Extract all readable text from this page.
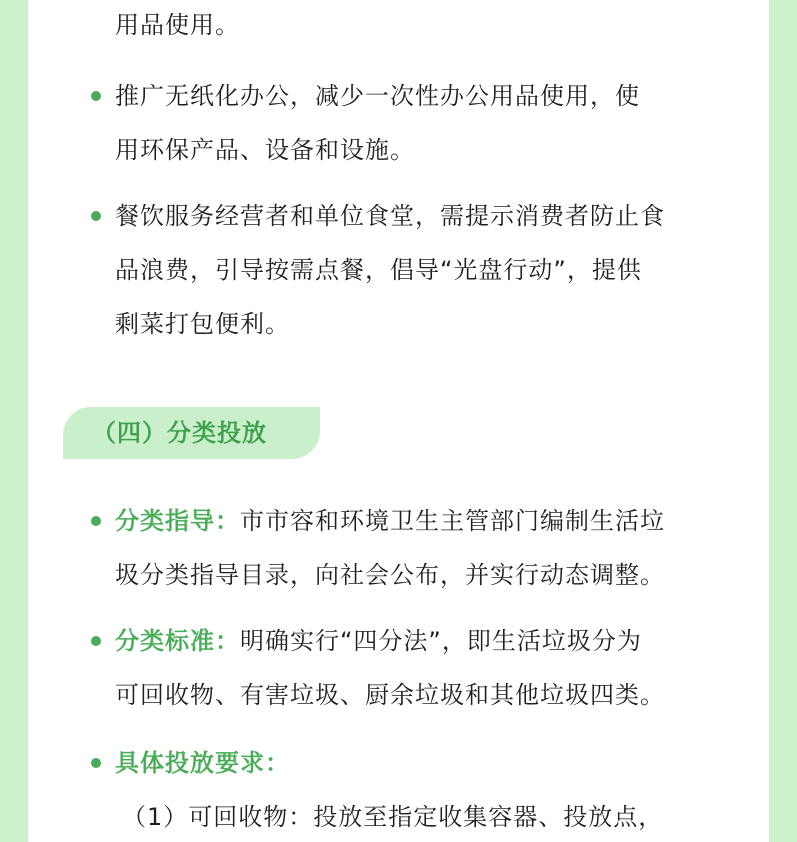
用品使用。
推广无纸化办公，减少一次性办公用品使用，使
用环保产品、设备和设施。
餐饮服务经营者和单位食堂，需提示消费者防止食
品浪费，引导按需点餐，倡导“光盘行动”，提供
剩菜打包便利。
（四）分类投放
分类指导：市市容和环境卫生主管部门编制生活垃
圾分类指导目录，向社会公布，并实行动态调整。
分类标准：明确实行“四分法”，即生活垃圾分为
可回收物、有害垃圾、厨余垃圾和其他垃圾四类。
具体投放要求：
（1）可回收物：投放至指定收集容器、投放点，
